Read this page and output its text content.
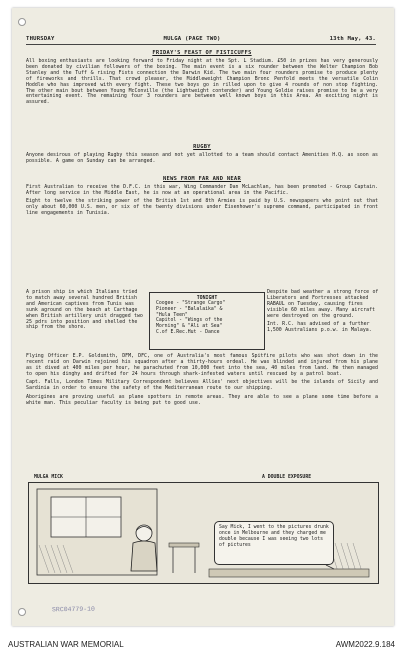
THURSDAY	MULGA (PAGE TWO)	13th May, 43.
FRIDAY'S FEAST OF FISTICUFFS

All boxing enthusiasts are looking forward to Friday night at the Spt. L Stadium. £50 in prizes has very generously been donated by civilian followers of the boxing. The main event is a six rounder between the Welter Champion Bob Stanley and the Tuff & rising Fists connection the Darwin Kid. The two main four rounders promise to produce plenty of fireworks and thrills. That crowd pleaser, the Middleweight Champion Bronc Penfold meets the versatile Colin Hoddle who has improved with every fight. These two boys go in rilled upon to give 4 rounds of non stop fighting. The other main bout between Young McConville (the Lightweight contender) and Young Goldie raises promise to be a very entertaining event. The remaining four 3 rounders are between well known boys in this Area. An exciting night is assured.

RUGBY

Anyone desirous of playing Rugby this season and not yet allotted to a team should contact Amenities H.Q. as soon as possible. A game on Sunday can be arranged.

NEWS FROM FAR AND NEAR

First Australian to receive the D.F.C. in this war, Wing Commander Dan McLachlan, has been promoted - Group Captain. After long service in the Middle East, he is now at an operational area in the Pacific.

Eight to twelve the striking power of the British 1st and 8th Armies is paid by U.S. newspapers who point out that only about 60,000 U.S. men, or six of the twenty divisions under Eisenhower's supreme command, participated in front line engagements in Tunisia.

A prison ship in which Italians tried to match away several hundred British and American captives from Tunis was sunk aground on the beach at Carthage when British artillery unit dragged two 25 pdrs into position and shelled the ship from the shore.

TONIGHT
Coogee - "Strange Cargo"
Pioneer - "Balalaika" &
"Hula Teen"
Capitol - "Wings of the
Morning" & "Ali at Sea"
C.of E.Rec.Hut - Dance

Despite bad weather a strong force of Liberators and Fortresses attacked RABAUL on Tuesday, causing fires visible 60 miles away. Many aircraft were destroyed on the ground.

Int. R.C. has advised of a further 1,500 Australians p.o.w. in Malaya.

Flying Officer E.P. Goldsmith, DFM, DFC, one of Australia's most famous Spitfire pilots who was shot down in the recent raid on Darwin rejoined his squadron after a thirty-hours ordeal. He was blinded and injured from his plane as it dived at 400 miles per hour, he parachuted from 10,000 feet into the sea, 40 miles from land. He then managed to open his dinghy and drifted for 24 hours through shark-infested waters until rescued by a patrol boat.

Capt. Falls, London Times Military Correspondent believes Allies' next objectives will be the islands of Sicily and Sardinia in order to ensure the safety of the Mediterranean route to our shipping.

Aborigines are proving useful as plane spotters in remote areas. They are able to see a plane some time before a white man. This peculiar faculty is being put to good use.

MULGA MICK	A DOUBLE EXPOSURE
Say Mick, I went to the pictures drunk once in Melbourne and they charged me double because I was seeing two lots of pictures
SRC04779-10
AUSTRALIAN WAR MEMORIAL	AWM2022.9.184
